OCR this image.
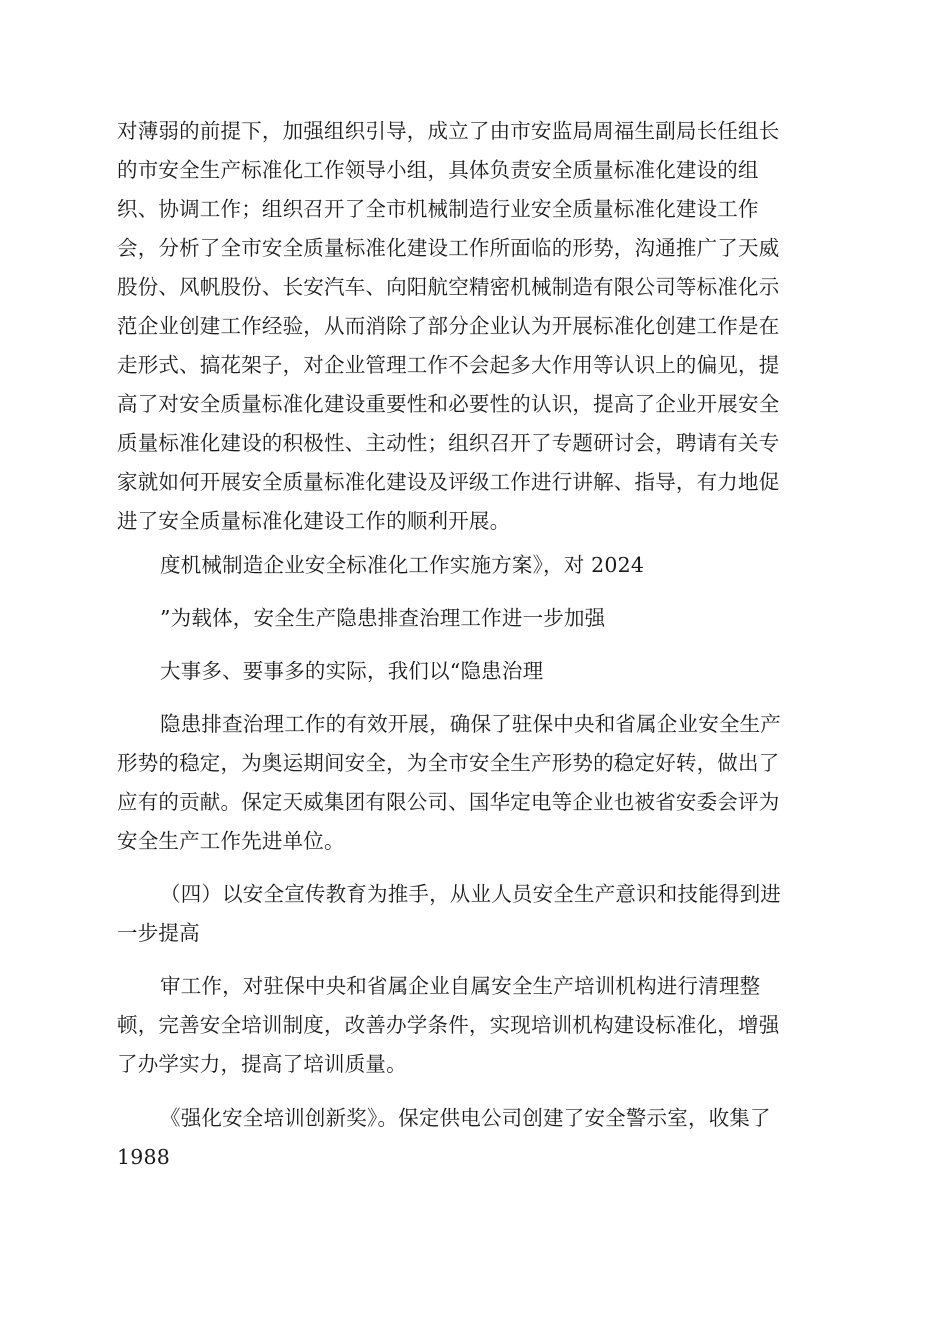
对薄弱的前提下，加强组织引导，成立了由市安监局周福生副局长任组长
的市安全生产标准化工作领导小组，具体负责安全质量标准化建设的组
织、协调工作；组织召开了全市机械制造行业安全质量标准化建设工作
会，分析了全市安全质量标准化建设工作所面临的形势，沟通推广了天威
股份、风帆股份、长安汽车、向阳航空精密机械制造有限公司等标准化示
范企业创建工作经验，从而消除了部分企业认为开展标准化创建工作是在
走形式、搞花架子，对企业管理工作不会起多大作用等认识上的偏见，提
高了对安全质量标准化建设重要性和必要性的认识，提高了企业开展安全
质量标准化建设的积极性、主动性；组织召开了专题研讨会，聘请有关专
家就如何开展安全质量标准化建设及评级工作进行讲解、指导，有力地促
进了安全质量标准化建设工作的顺利开展。
度机械制造企业安全标准化工作实施方案》，对 2024
”为载体，安全生产隐患排查治理工作进一步加强
大事多、要事多的实际，我们以“隐患治理
隐患排查治理工作的有效开展，确保了驻保中央和省属企业安全生产
形势的稳定，为奥运期间安全，为全市安全生产形势的稳定好转，做出了
应有的贡献。保定天威集团有限公司、国华定电等企业也被省安委会评为
安全生产工作先进单位。
（四）以安全宣传教育为推手，从业人员安全生产意识和技能得到进
一步提高
审工作，对驻保中央和省属企业自属安全生产培训机构进行清理整
顿，完善安全培训制度，改善办学条件，实现培训机构建设标准化，增强
了办学实力，提高了培训质量。
《强化安全培训创新奖》。保定供电公司创建了安全警示室，收集了
1988
